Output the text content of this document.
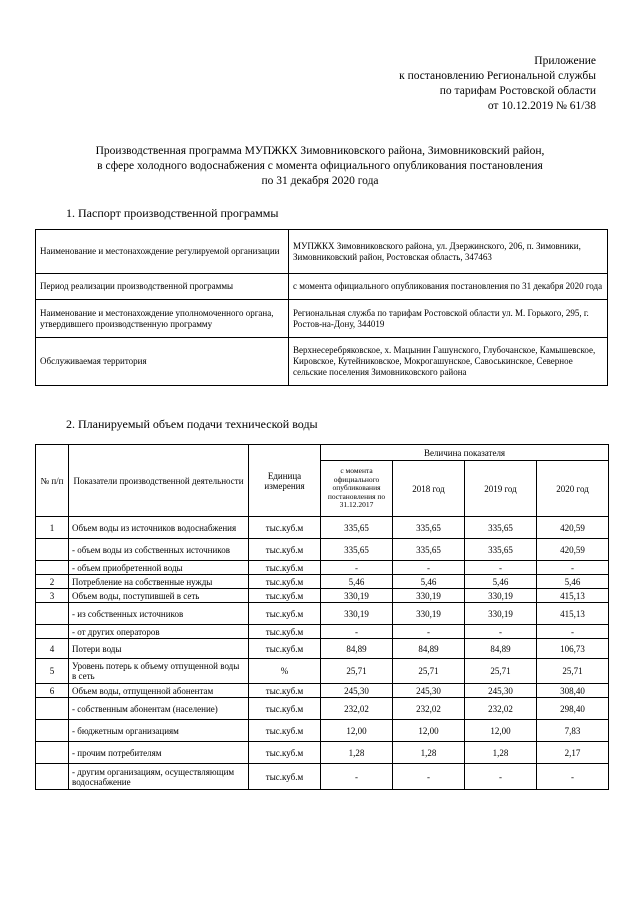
Приложение
к постановлению Региональной службы
по тарифам Ростовской области
от 10.12.2019 № 61/38
Производственная программа МУПЖКХ Зимовниковского района, Зимовниковский район,
в сфере холодного водоснабжения с момента официального опубликования постановления
по 31 декабря 2020 года
1. Паспорт производственной программы
Наименование и местонахождение регулируемой организации	МУПЖКХ Зимовниковского района, ул. Дзержинского, 206, п. Зимовники, Зимовниковский район, Ростовская область, 347463
Период реализации производственной программы	с момента официального опубликования постановления по 31 декабря 2020 года
Наименование и местонахождение уполномоченного органа, утвердившего производственную программу	Региональная служба по тарифам Ростовской области ул. М. Горького, 295, г. Ростов-на-Дону, 344019
Обслуживаемая территория	Верхнесеребряковское, х. Мацынин Гашунского, Глубочанское, Камышевское, Кировское, Кутейниковское, Мокрогашунское, Савоськинское, Северное сельские поселения Зимовниковского района
2. Планируемый объем подачи технической воды
№ п/п	Показатели производственной деятельности	Единица измерения	Величина показателя			
			с момента официального опубликования постановления по 31.12.2017	2018 год	2019 год	2020 год
1	Объем воды из источников водоснабжения	тыс.куб.м	335,65	335,65	335,65	420,59
	- объем воды из собственных источников	тыс.куб.м	335,65	335,65	335,65	420,59
	- объем приобретенной воды	тыс.куб.м	-	-	-	-
2	Потребление на собственные нужды	тыс.куб.м	5,46	5,46	5,46	5,46
3	Объем воды, поступившей в сеть	тыс.куб.м	330,19	330,19	330,19	415,13
	- из собственных источников	тыс.куб.м	330,19	330,19	330,19	415,13
	- от других операторов	тыс.куб.м	-	-	-	-
4	Потери воды	тыс.куб.м	84,89	84,89	84,89	106,73
5	Уровень потерь к объему отпущенной воды в сеть	%	25,71	25,71	25,71	25,71
6	Объем воды, отпущенной абонентам	тыс.куб.м	245,30	245,30	245,30	308,40
	- собственным абонентам (население)	тыс.куб.м	232,02	232,02	232,02	298,40
	- бюджетным организациям	тыс.куб.м	12,00	12,00	12,00	7,83
	- прочим потребителям	тыс.куб.м	1,28	1,28	1,28	2,17
	- другим организациям, осуществляющим водоснабжение	тыс.куб.м	-	-	-	-
